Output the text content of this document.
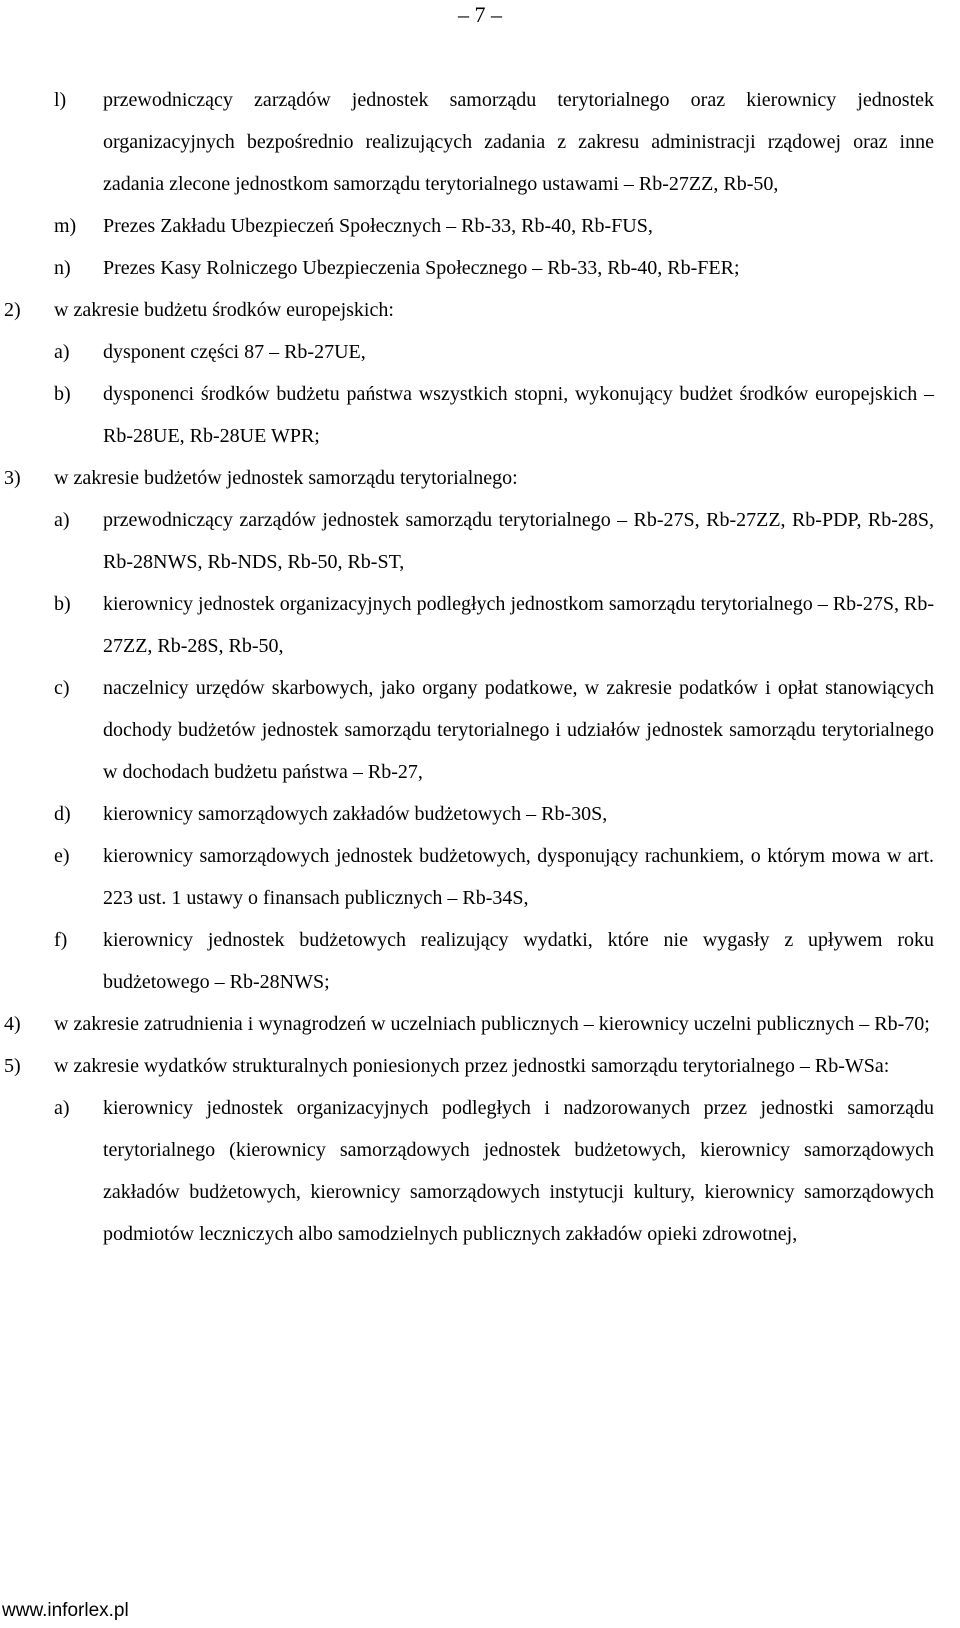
– 7 –
l)	przewodniczący zarządów jednostek samorządu terytorialnego oraz kierownicy jednostek organizacyjnych bezpośrednio realizujących zadania z zakresu administracji rządowej oraz inne zadania zlecone jednostkom samorządu terytorialnego ustawami – Rb-27ZZ, Rb-50,
m)	Prezes Zakładu Ubezpieczeń Społecznych – Rb-33, Rb-40, Rb-FUS,
n)	Prezes Kasy Rolniczego Ubezpieczenia Społecznego – Rb-33, Rb-40, Rb-FER;
2)	w zakresie budżetu środków europejskich:
a)	dysponent części 87 – Rb-27UE,
b)	dysponenci środków budżetu państwa wszystkich stopni, wykonujący budżet środków europejskich – Rb-28UE, Rb-28UE WPR;
3)	w zakresie budżetów jednostek samorządu terytorialnego:
a)	przewodniczący zarządów jednostek samorządu terytorialnego – Rb-27S, Rb-27ZZ, Rb-PDP, Rb-28S, Rb-28NWS, Rb-NDS, Rb-50, Rb-ST,
b)	kierownicy jednostek organizacyjnych podległych jednostkom samorządu terytorialnego – Rb-27S, Rb-27ZZ, Rb-28S, Rb-50,
c)	naczelnicy urzędów skarbowych, jako organy podatkowe, w zakresie podatków i opłat stanowiących dochody budżetów jednostek samorządu terytorialnego i udziałów jednostek samorządu terytorialnego w dochodach budżetu państwa – Rb-27,
d)	kierownicy samorządowych zakładów budżetowych – Rb-30S,
e)	kierownicy samorządowych jednostek budżetowych, dysponujący rachunkiem, o którym mowa w art. 223 ust. 1 ustawy o finansach publicznych – Rb-34S,
f)	kierownicy jednostek budżetowych realizujący wydatki, które nie wygasły z upływem roku budżetowego – Rb-28NWS;
4)	w zakresie zatrudnienia i wynagrodzeń w uczelniach publicznych – kierownicy uczelni publicznych – Rb-70;
5)	w zakresie wydatków strukturalnych poniesionych przez jednostki samorządu terytorialnego – Rb-WSa:
a)	kierownicy jednostek organizacyjnych podległych i nadzorowanych przez jednostki samorządu terytorialnego (kierownicy samorządowych jednostek budżetowych, kierownicy samorządowych zakładów budżetowych, kierownicy samorządowych instytucji kultury, kierownicy samorządowych podmiotów leczniczych albo samodzielnych publicznych zakładów opieki zdrowotnej,
www.inforlex.pl
